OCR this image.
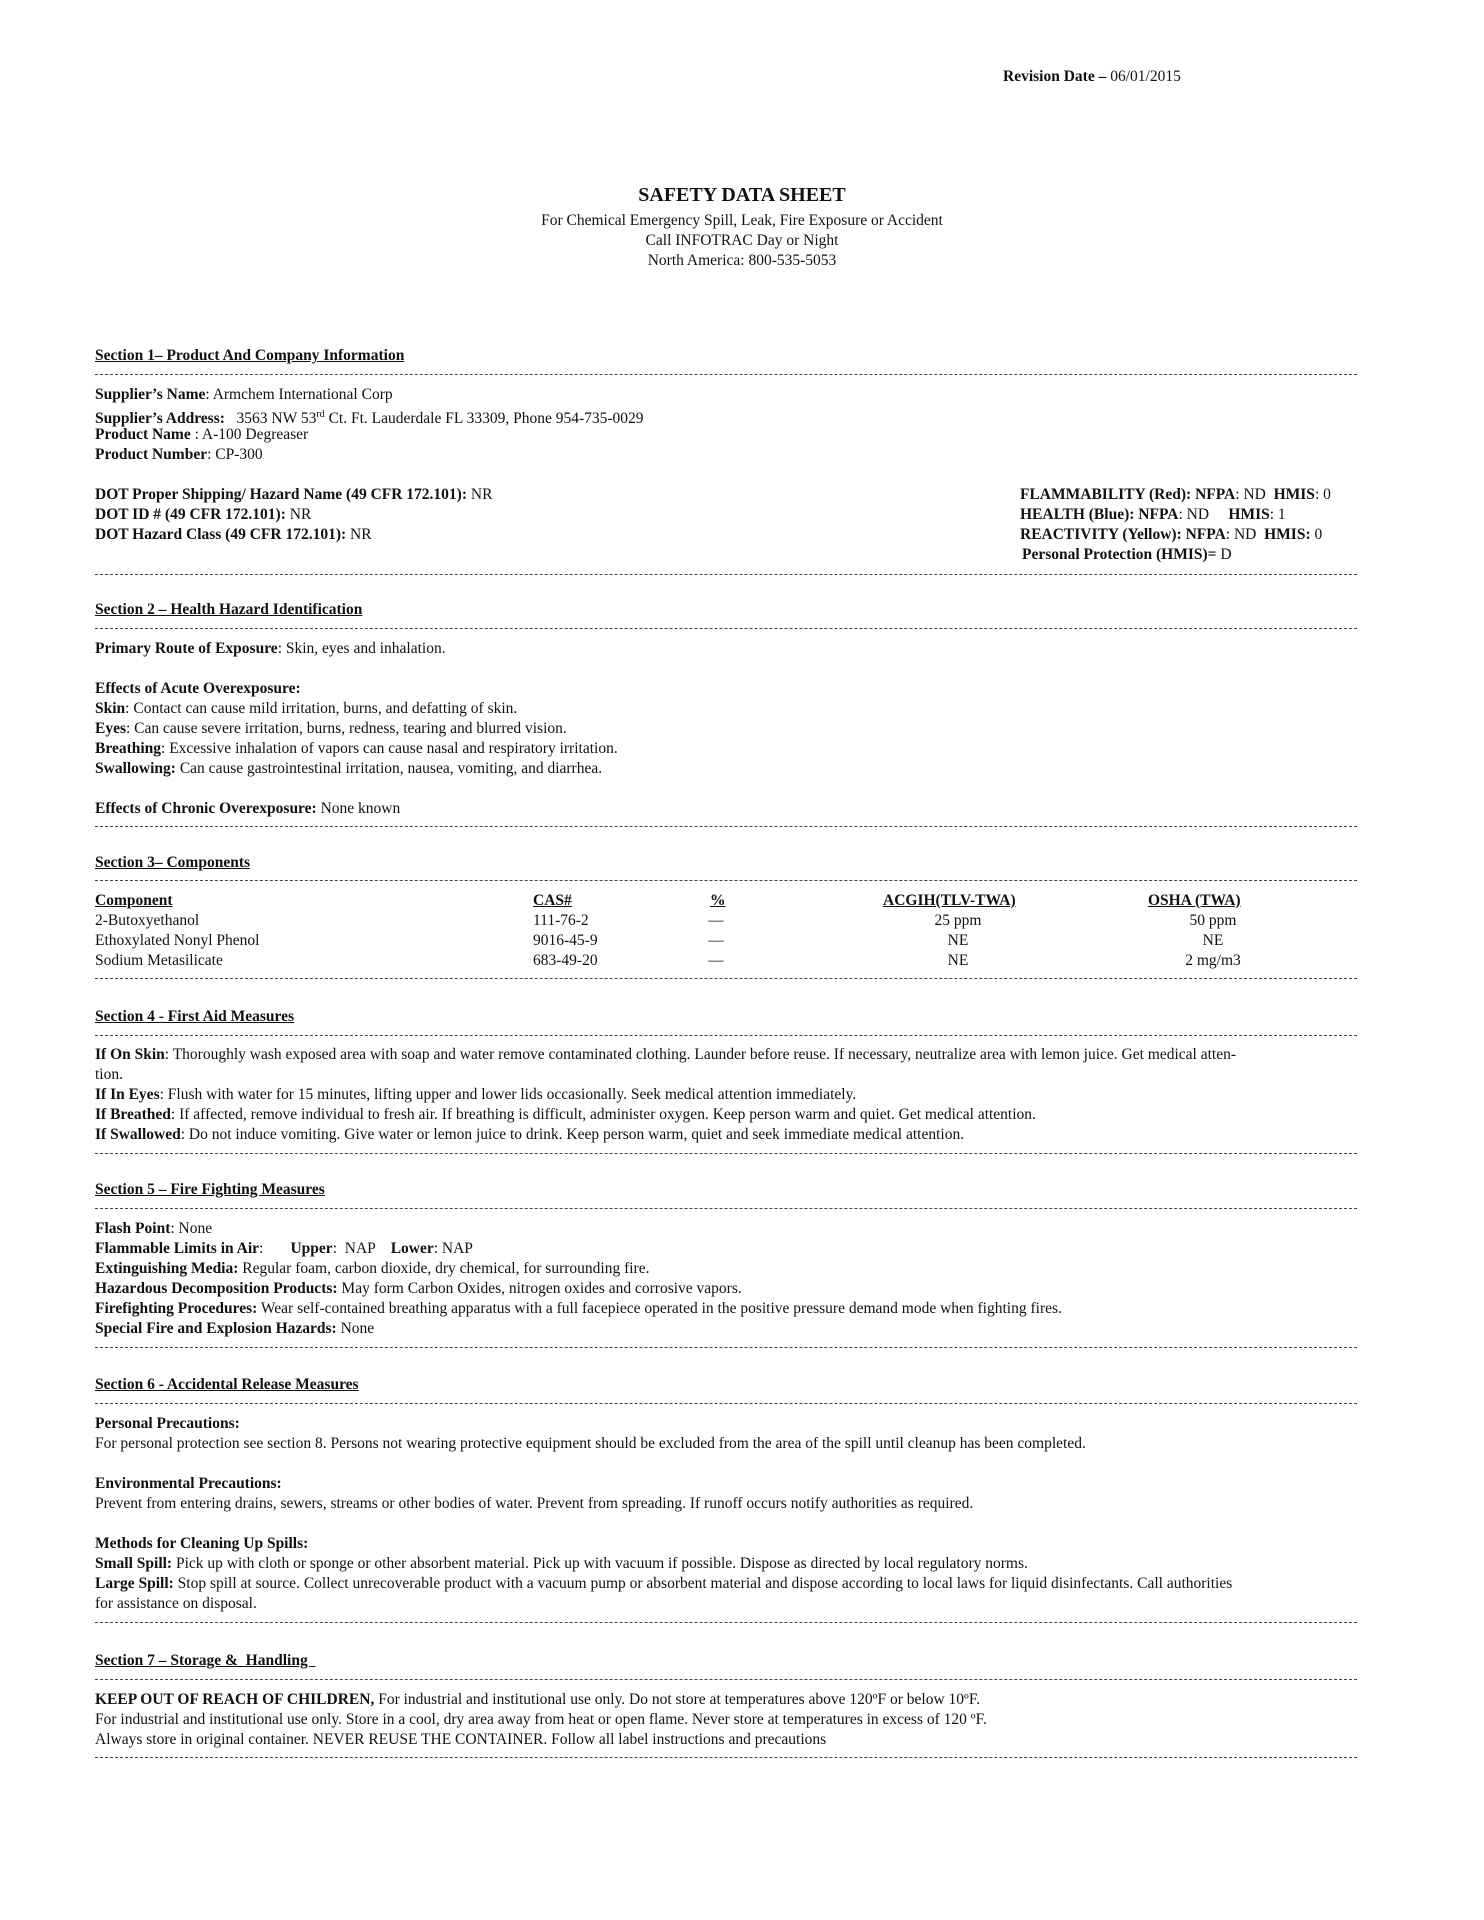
Revision Date – 06/01/2015
SAFETY DATA SHEET
For Chemical Emergency Spill, Leak, Fire Exposure or Accident
Call INFOTRAC Day or Night
North America: 800-535-5053
Section 1– Product And Company Information
Supplier’s Name: Armchem International Corp
Supplier’s Address: 3563 NW 53rd Ct. Ft. Lauderdale FL 33309, Phone 954-735-0029
Product Name : A-100 Degreaser
Product Number: CP-300
DOT Proper Shipping/ Hazard Name (49 CFR 172.101): NR
DOT ID # (49 CFR 172.101): NR
DOT Hazard Class (49 CFR 172.101): NR
FLAMMABILITY (Red): NFPA: ND HMIS: 0
HEALTH (Blue): NFPA: ND HMIS: 1
REACTIVITY (Yellow): NFPA: ND HMIS: 0
Personal Protection (HMIS)= D
Section 2 – Health Hazard Identification
Primary Route of Exposure: Skin, eyes and inhalation.
Effects of Acute Overexposure:
Skin: Contact can cause mild irritation, burns, and defatting of skin.
Eyes: Can cause severe irritation, burns, redness, tearing and blurred vision.
Breathing: Excessive inhalation of vapors can cause nasal and respiratory irritation.
Swallowing: Can cause gastrointestinal irritation, nausea, vomiting, and diarrhea.
Effects of Chronic Overexposure: None known
Section 3– Components
Component	CAS#	%	ACGIH(TLV-TWA)	OSHA (TWA)
2-Butoxyethanol	111-76-2	—	25 ppm	50 ppm
Ethoxylated Nonyl Phenol	9016-45-9	—	NE	NE
Sodium Metasilicate	683-49-20	—	NE	2 mg/m3
Section 4 - First Aid Measures
If On Skin: Thoroughly wash exposed area with soap and water remove contaminated clothing. Launder before reuse. If necessary, neutralize area with lemon juice. Get medical atten-
tion.
If In Eyes: Flush with water for 15 minutes, lifting upper and lower lids occasionally. Seek medical attention immediately.
If Breathed: If affected, remove individual to fresh air. If breathing is difficult, administer oxygen. Keep person warm and quiet. Get medical attention.
If Swallowed: Do not induce vomiting. Give water or lemon juice to drink. Keep person warm, quiet and seek immediate medical attention.
Section 5 – Fire Fighting Measures
Flash Point: None
Flammable Limits in Air:       Upper:  NAP    Lower: NAP
Extinguishing Media: Regular foam, carbon dioxide, dry chemical, for surrounding fire.
Hazardous Decomposition Products: May form Carbon Oxides, nitrogen oxides and corrosive vapors.
Firefighting Procedures: Wear self-contained breathing apparatus with a full facepiece operated in the positive pressure demand mode when fighting fires.
Special Fire and Explosion Hazards: None
Section 6 - Accidental Release Measures
Personal Precautions:
For personal protection see section 8. Persons not wearing protective equipment should be excluded from the area of the spill until cleanup has been completed.
Environmental Precautions:
Prevent from entering drains, sewers, streams or other bodies of water. Prevent from spreading. If runoff occurs notify authorities as required.
Methods for Cleaning Up Spills:
Small Spill: Pick up with cloth or sponge or other absorbent material. Pick up with vacuum if possible. Dispose as directed by local regulatory norms.
Large Spill: Stop spill at source. Collect unrecoverable product with a vacuum pump or absorbent material and dispose according to local laws for liquid disinfectants. Call authorities
for assistance on disposal.
Section 7 – Storage &  Handling
KEEP OUT OF REACH OF CHILDREN, For industrial and institutional use only. Do not store at temperatures above 120ºF or below 10ºF.
For industrial and institutional use only. Store in a cool, dry area away from heat or open flame. Never store at temperatures in excess of 120 ºF.
Always store in original container. NEVER REUSE THE CONTAINER. Follow all label instructions and precautions
